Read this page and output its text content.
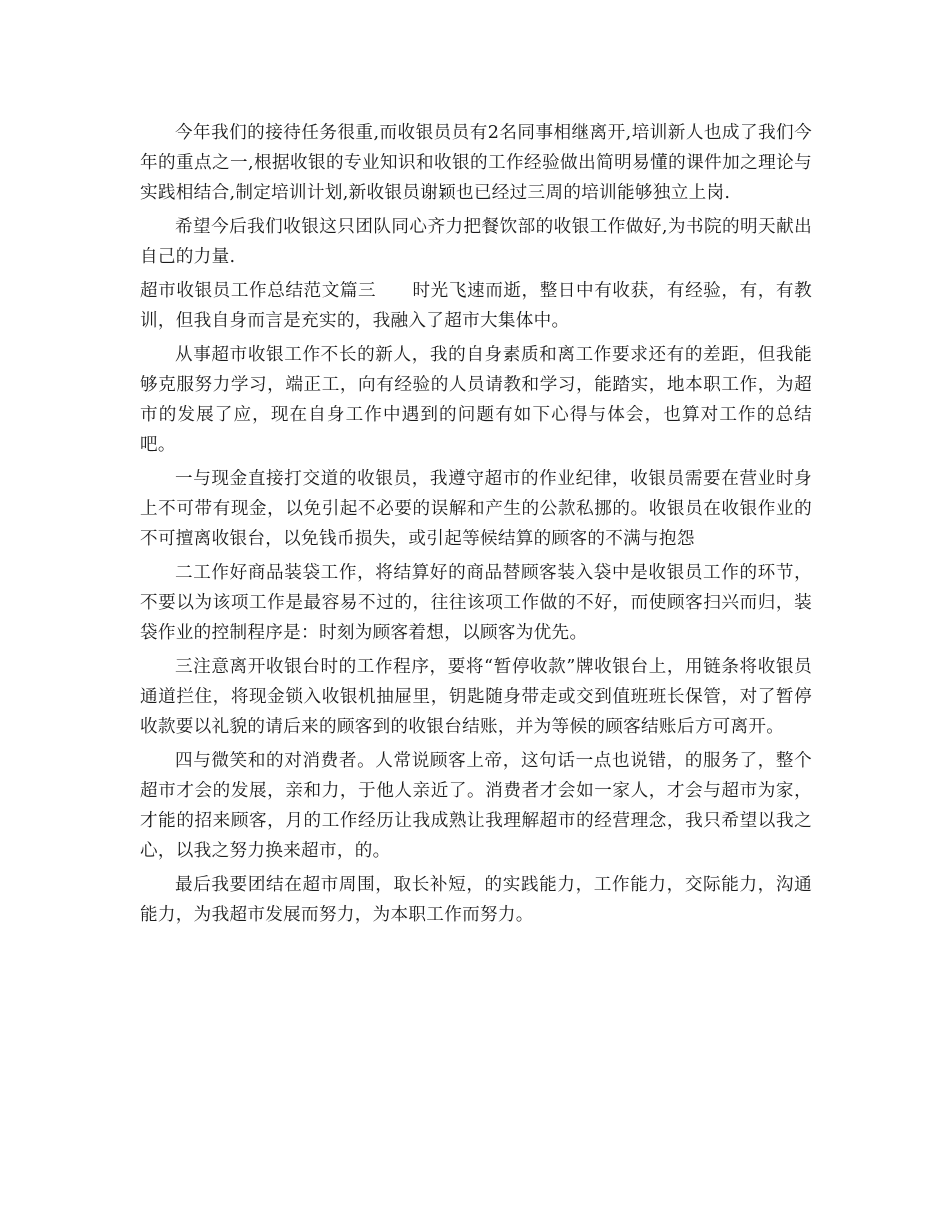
今年我们的接待任务很重,而收银员员有2名同事相继离开,培训新人也成了我们今年的重点之一,根据收银的专业知识和收银的工作经验做出简明易懂的课件加之理论与实践相结合,制定培训计划,新收银员谢颖也已经过三周的培训能够独立上岗.

希望今后我们收银这只团队同心齐力把餐饮部的收银工作做好,为书院的明天献出自己的力量.

超市收银员工作总结范文篇三 时光飞速而逝，整日中有收获，有经验，有，有教训，但我自身而言是充实的，我融入了超市大集体中。

从事超市收银工作不长的新人，我的自身素质和离工作要求还有的差距，但我能够克服努力学习，端正工，向有经验的人员请教和学习，能踏实，地本职工作，为超市的发展了应，现在自身工作中遇到的问题有如下心得与体会，也算对工作的总结吧。

一与现金直接打交道的收银员，我遵守超市的作业纪律，收银员需要在营业时身上不可带有现金，以免引起不必要的误解和产生的公款私挪的。收银员在收银作业的不可擅离收银台，以免钱币损失，或引起等候结算的顾客的不满与抱怨

二工作好商品装袋工作，将结算好的商品替顾客装入袋中是收银员工作的环节，不要以为该项工作是最容易不过的，往往该项工作做的不好，而使顾客扫兴而归，装袋作业的控制程序是：时刻为顾客着想，以顾客为优先。

三注意离开收银台时的工作程序，要将“暂停收款”牌收银台上，用链条将收银员通道拦住，将现金锁入收银机抽屉里，钥匙随身带走或交到值班班长保管，对了暂停收款要以礼貌的请后来的顾客到的收银台结账，并为等候的顾客结账后方可离开。

四与微笑和的对消费者。人常说顾客上帝，这句话一点也说错，的服务了，整个超市才会的发展，亲和力，于他人亲近了。消费者才会如一家人，才会与超市为家，才能的招来顾客，月的工作经历让我成熟让我理解超市的经营理念，我只希望以我之心，以我之努力换来超市，的。

最后我要团结在超市周围，取长补短，的实践能力，工作能力，交际能力，沟通能力，为我超市发展而努力，为本职工作而努力。
